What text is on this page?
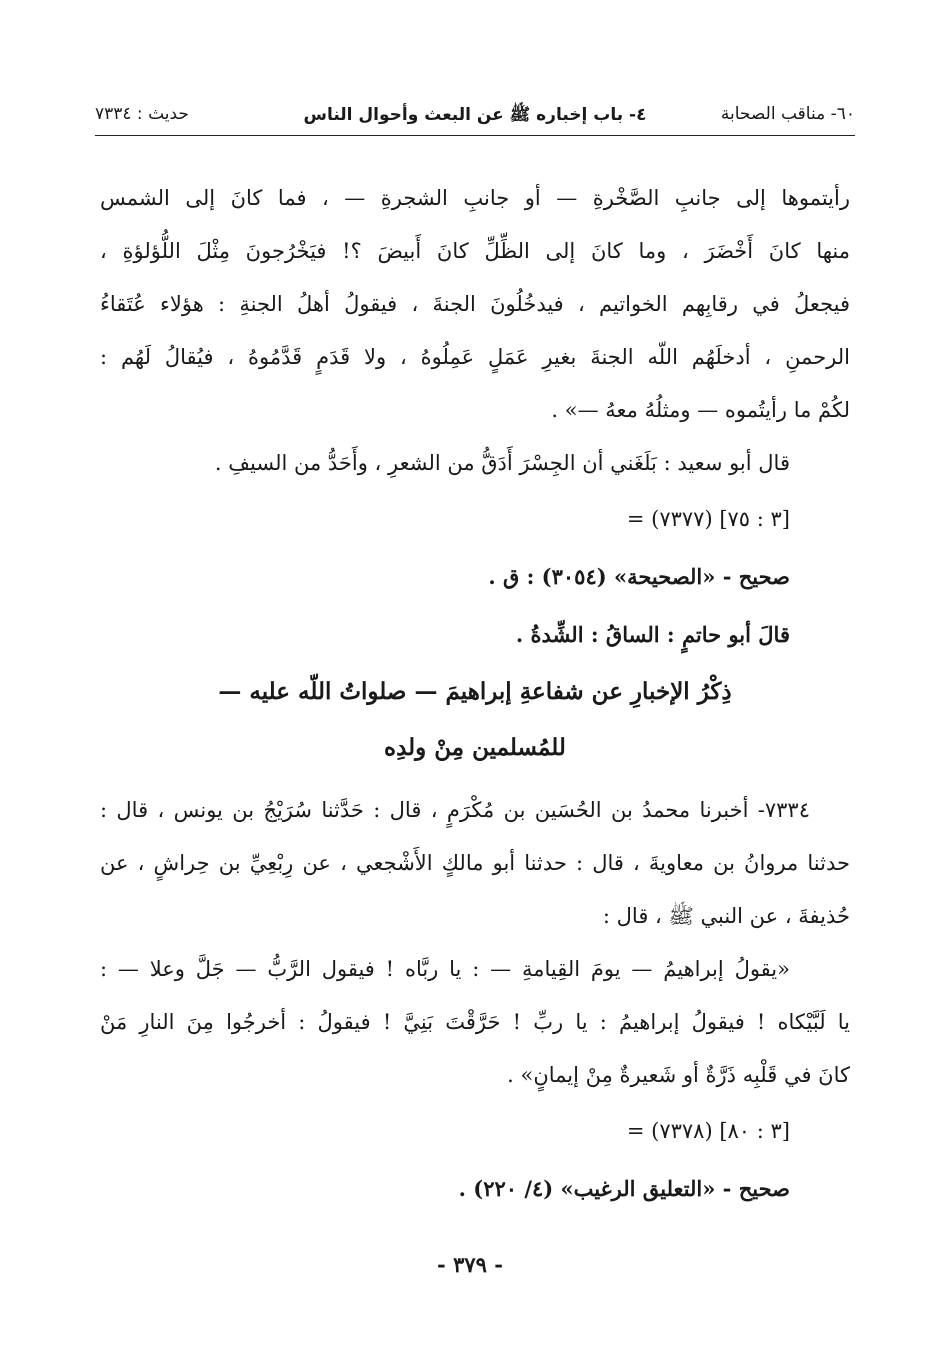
٦٠- مناقب الصحابة
٤- باب إخباره ﷺ عن البعث وأحوال الناس
حديث : ٧٣٣٤
رأيتموها إلى جانبِ الصَّخْرةِ — أو جانبِ الشجرةِ — ، فما كانَ إلى الشمس
منها كانَ أَخْضَرَ ، وما كانَ إلى الظِّلِّ كانَ أَبيضَ ؟! فيَخْرُجونَ مِثْلَ اللُّؤلؤةِ ،
فيجعلُ في رقابِهم الخواتيم ، فيدخُلُونَ الجنةَ ، فيقولُ أهلُ الجنةِ : هؤلاء عُتَقاءُ
الرحمنِ ، أدخلَهُم اللّه الجنةَ بغيرِ عَمَلٍ عَمِلُوهُ ، ولا قَدَمٍ قَدَّمُوهُ ، فيُقالُ لَهُم :
لكُمْ ما رأيتُموه — ومثلُهُ معهُ —» .
قال أبو سعيد : بَلَغَني أن الجِسْرَ أَدَقُّ من الشعرِ ، وأَحَدُّ من السيفِ .
= (٧٣٧٧) [٣ : ٧٥]
صحيح - «الصحيحة» (٣٠٥٤) : ق .
قالَ أبو حاتمٍ : الساقُ : الشِّدةُ .
ذِكْرُ الإخبارِ عن شفاعةِ إبراهيمَ — صلواتُ اللّه عليه —
للمُسلمين مِنْ ولدِه
٧٣٣٤- أخبرنا محمدُ بن الحُسَين بن مُكْرَمٍ ، قال : حَدَّثنا سُرَيْجُ بن يونس ، قال :
حدثنا مروانُ بن معاويةَ ، قال : حدثنا أبو مالكٍ الأَشْجعي ، عن رِبْعِيِّ بن حِراشٍ ، عن
حُذيفةَ ، عن النبي ﷺ ، قال :
«يقولُ إبراهيمُ — يومَ القِيامةِ — : يا ربَّاه ! فيقول الرَّبُّ — جَلَّ وعلا — :
يا لَبَّيْكاه ! فيقولُ إبراهيمُ : يا ربِّ ! حَرَّقْتَ بَنِيَّ ! فيقولُ : أخرجُوا مِنَ النارِ مَنْ
كانَ في قَلْبِه ذَرَّةٌ أو شَعيرةٌ مِنْ إيمانٍ» .
= (٧٣٧٨) [٣ : ٨٠]
صحيح - «التعليق الرغيب» (٤/ ٢٢٠) .
- ٣٧٩ -
